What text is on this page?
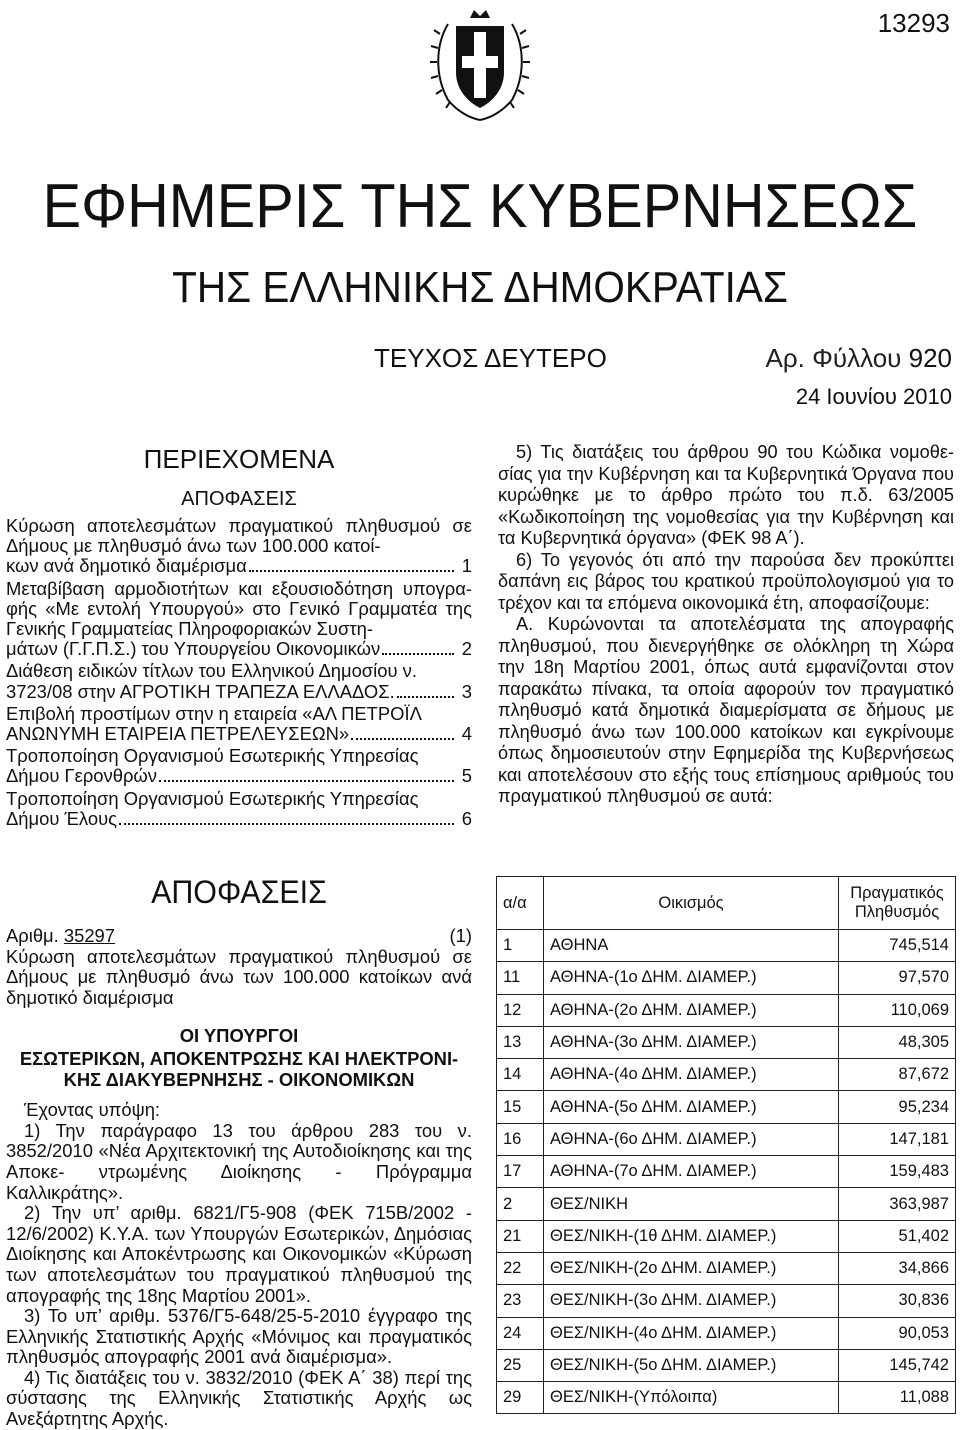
13293
ΕΦΗΜΕΡΙΣ ΤΗΣ ΚΥΒΕΡΝΗΣΕΩΣ
ΤΗΣ ΕΛΛΗΝΙΚΗΣ ΔΗΜΟΚΡΑΤΙΑΣ
ΤΕΥΧΟΣ ΔΕΥΤΕΡΟ	Αρ. Φύλλου 920
24 Ιουνίου 2010
ΠΕΡΙΕΧΟΜΕΝΑ
ΑΠΟΦΑΣΕΙΣ

Κύρωση αποτελεσμάτων πραγματικού πληθυσμού σε Δήμους με πληθυσμό άνω των 100.000 κατοί-

κων ανά δημοτικό διαμέρισμα	1

Μεταβίβαση αρμοδιοτήτων και εξουσιοδότηση υπογρα- φής «Με εντολή Υπουργού» στο Γενικό Γραμματέα της Γενικής Γραμματείας Πληροφοριακών Συστη-

μάτων (Γ.Γ.Π.Σ.) του Υπουργείου Οικονομικών	2

Διάθεση ειδικών τίτλων του Ελληνικού Δημοσίου ν.

3723/08 στην ΑΓΡΟΤΙΚΗ ΤΡΑΠΕΖΑ ΕΛΛΑΔΟΣ.	3

Επιβολή προστίμων στην η εταιρεία «ΑΛ ΠΕΤΡΟΪΛ

ΑΝΩΝΥΜΗ ΕΤΑΙΡΕΙΑ ΠΕΤΡΕΛΕΥΣΕΩΝ»	4

Τροποποίηση Οργανισμού Εσωτερικής Υπηρεσίας

Δήμου Γερονθρών	5

Τροποποίηση Οργανισμού Εσωτερικής Υπηρεσίας

Δήμου Έλους	6
ΑΠΟΦΑΣΕΙΣ
Αριθμ. 35297	(1)

Κύρωση αποτελεσμάτων πραγματικού πληθυσμού σε Δήμους με πληθυσμό άνω των 100.000 κατοίκων ανά δημοτικό διαμέρισμα

ΟΙ ΥΠΟΥΡΓΟΙ
ΕΣΩΤΕΡΙΚΩΝ, ΑΠΟΚΕΝΤΡΩΣΗΣ ΚΑΙ ΗΛΕΚΤΡΟΝΙ-
ΚΗΣ ΔΙΑΚΥΒΕΡΝΗΣΗΣ - ΟΙΚΟΝΟΜΙΚΩΝ

Έχοντας υπόψη:

1) Την παράγραφο 13 του άρθρου 283 του ν. 3852/2010 «Νέα Αρχιτεκτονική της Αυτοδιοίκησης και της Αποκε- ντρωμένης Διοίκησης - Πρόγραμμα Καλλικράτης».

2) Την υπ’ αριθμ. 6821/Γ5-908 (ΦΕΚ 715Β/2002 - 12/6/2002) Κ.Υ.Α. των Υπουργών Εσωτερικών, Δημόσιας Διοίκησης και Αποκέντρωσης και Οικονομικών «Κύρωση των αποτελεσμάτων του πραγματικού πληθυσμού της απογραφής της 18ης Μαρτίου 2001».

3) Το υπ’ αριθμ. 5376/Γ5-648/25-5-2010 έγγραφο της Ελληνικής Στατιστικής Αρχής «Μόνιμος και πραγματικός πληθυσμός απογραφής 2001 ανά διαμέρισμα».

4) Τις διατάξεις του ν. 3832/2010 (ΦΕΚ Α΄ 38) περί της σύστασης της Ελληνικής Στατιστικής Αρχής ως Ανεξάρτητης Αρχής.

5) Τις διατάξεις του άρθρου 90 του Κώδικα νομοθε- σίας για την Κυβέρνηση και τα Κυβερνητικά Όργανα που κυρώθηκε με το άρθρο πρώτο του π.δ. 63/2005 «Κωδικοποίηση της νομοθεσίας για την Κυβέρνηση και τα Κυβερνητικά όργανα» (ΦΕΚ 98 Α΄).

6) Το γεγονός ότι από την παρούσα δεν προκύπτει δαπάνη εις βάρος του κρατικού προϋπολογισμού για το τρέχον και τα επόμενα οικονομικά έτη, αποφασίζουμε:

Α. Κυρώνονται τα αποτελέσματα της απογραφής πληθυσμού, που διενεργήθηκε σε ολόκληρη τη Χώρα την 18η Μαρτίου 2001, όπως αυτά εμφανίζονται στον παρακάτω πίνακα, τα οποία αφορούν τον πραγματικό πληθυσμό κατά δημοτικά διαμερίσματα σε δήμους με πληθυσμό άνω των 100.000 κατοίκων και εγκρίνουμε όπως δημοσιευτούν στην Εφημερίδα της Κυβερνήσεως και αποτελέσουν στο εξής τους επίσημους αριθμούς του πραγματικού πληθυσμού σε αυτά:

α/α	Οικισμός	Πραγματικός Πληθυσμός
1	ΑΘΗΝΑ	745,514
11	ΑΘΗΝΑ-(1ο ΔΗΜ. ΔΙΑΜΕΡ.)	97,570
12	ΑΘΗΝΑ-(2ο ΔΗΜ. ΔΙΑΜΕΡ.)	110,069
13	ΑΘΗΝΑ-(3ο ΔΗΜ. ΔΙΑΜΕΡ.)	48,305
14	ΑΘΗΝΑ-(4ο ΔΗΜ. ΔΙΑΜΕΡ.)	87,672
15	ΑΘΗΝΑ-(5ο ΔΗΜ. ΔΙΑΜΕΡ.)	95,234
16	ΑΘΗΝΑ-(6ο ΔΗΜ. ΔΙΑΜΕΡ.)	147,181
17	ΑΘΗΝΑ-(7ο ΔΗΜ. ΔΙΑΜΕΡ.)	159,483
2	ΘΕΣ/ΝΙΚΗ	363,987
21	ΘΕΣ/ΝΙΚΗ-(1θ ΔΗΜ. ΔΙΑΜΕΡ.)	51,402
22	ΘΕΣ/ΝΙΚΗ-(2ο ΔΗΜ. ΔΙΑΜΕΡ.)	34,866
23	ΘΕΣ/ΝΙΚΗ-(3ο ΔΗΜ. ΔΙΑΜΕΡ.)	30,836
24	ΘΕΣ/ΝΙΚΗ-(4ο ΔΗΜ. ΔΙΑΜΕΡ.)	90,053
25	ΘΕΣ/ΝΙΚΗ-(5ο ΔΗΜ. ΔΙΑΜΕΡ.)	145,742
29	ΘΕΣ/ΝΙΚΗ-(Υπόλοιπα)	11,088
